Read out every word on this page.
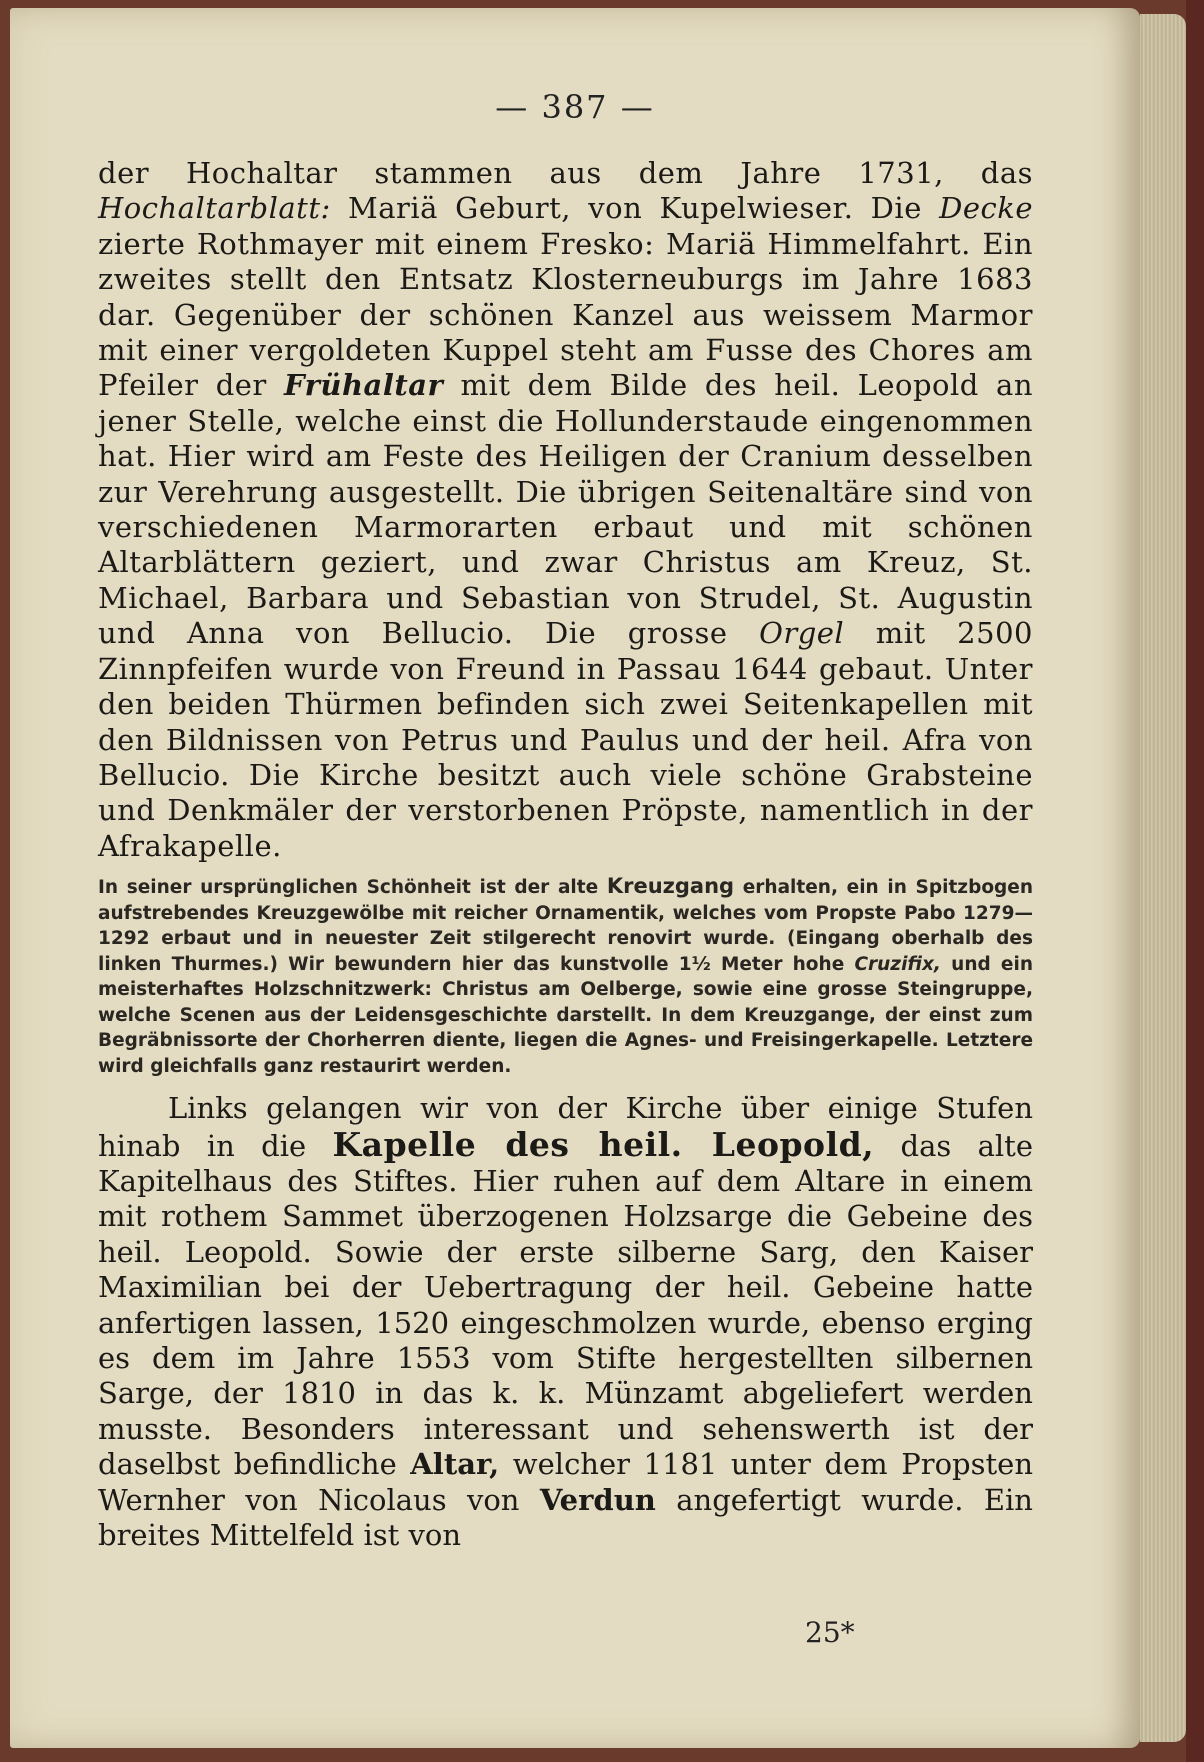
— 387 —

der Hochaltar stammen aus dem Jahre 1731, das Hochaltarblatt: Mariä Geburt, von Kupelwieser. Die Decke zierte Rothmayer mit einem Fresko: Mariä Himmelfahrt. Ein zweites stellt den Entsatz Klosterneuburgs im Jahre 1683 dar. Gegenüber der schönen Kanzel aus weissem Marmor mit einer vergoldeten Kuppel steht am Fusse des Chores am Pfeiler der Frühaltar mit dem Bilde des heil. Leopold an jener Stelle, welche einst die Hollunderstaude eingenommen hat. Hier wird am Feste des Heiligen der Cranium desselben zur Verehrung ausgestellt. Die übrigen Seitenaltäre sind von verschiedenen Marmorarten erbaut und mit schönen Altarblättern geziert, und zwar Christus am Kreuz, St. Michael, Barbara und Sebastian von Strudel, St. Augustin und Anna von Bellucio. Die grosse Orgel mit 2500 Zinnpfeifen wurde von Freund in Passau 1644 gebaut. Unter den beiden Thürmen befinden sich zwei Seitenkapellen mit den Bildnissen von Petrus und Paulus und der heil. Afra von Bellucio. Die Kirche besitzt auch viele schöne Grabsteine und Denkmäler der verstorbenen Pröpste, namentlich in der Afrakapelle.

In seiner ursprünglichen Schönheit ist der alte Kreuzgang erhalten, ein in Spitzbogen aufstrebendes Kreuzgewölbe mit reicher Ornamentik, welches vom Propste Pabo 1279—1292 erbaut und in neuester Zeit stilgerecht renovirt wurde. (Eingang oberhalb des linken Thurmes.) Wir bewundern hier das kunstvolle 1½ Meter hohe Cruzifix, und ein meisterhaftes Holzschnitzwerk: Christus am Oelberge, sowie eine grosse Steingruppe, welche Scenen aus der Leidensgeschichte darstellt. In dem Kreuzgange, der einst zum Begräbnissorte der Chorherren diente, liegen die Agnes- und Freisingerkapelle. Letztere wird gleichfalls ganz restaurirt werden.

Links gelangen wir von der Kirche über einige Stufen hinab in die Kapelle des heil. Leopold, das alte Kapitelhaus des Stiftes. Hier ruhen auf dem Altare in einem mit rothem Sammet überzogenen Holzsarge die Gebeine des heil. Leopold. Sowie der erste silberne Sarg, den Kaiser Maximilian bei der Uebertragung der heil. Gebeine hatte anfertigen lassen, 1520 eingeschmolzen wurde, ebenso erging es dem im Jahre 1553 vom Stifte hergestellten silbernen Sarge, der 1810 in das k. k. Münzamt abgeliefert werden musste. Besonders interessant und sehenswerth ist der daselbst befindliche Altar, welcher 1181 unter dem Propsten Wernher von Nicolaus von Verdun angefertigt wurde. Ein breites Mittelfeld ist von

25*
